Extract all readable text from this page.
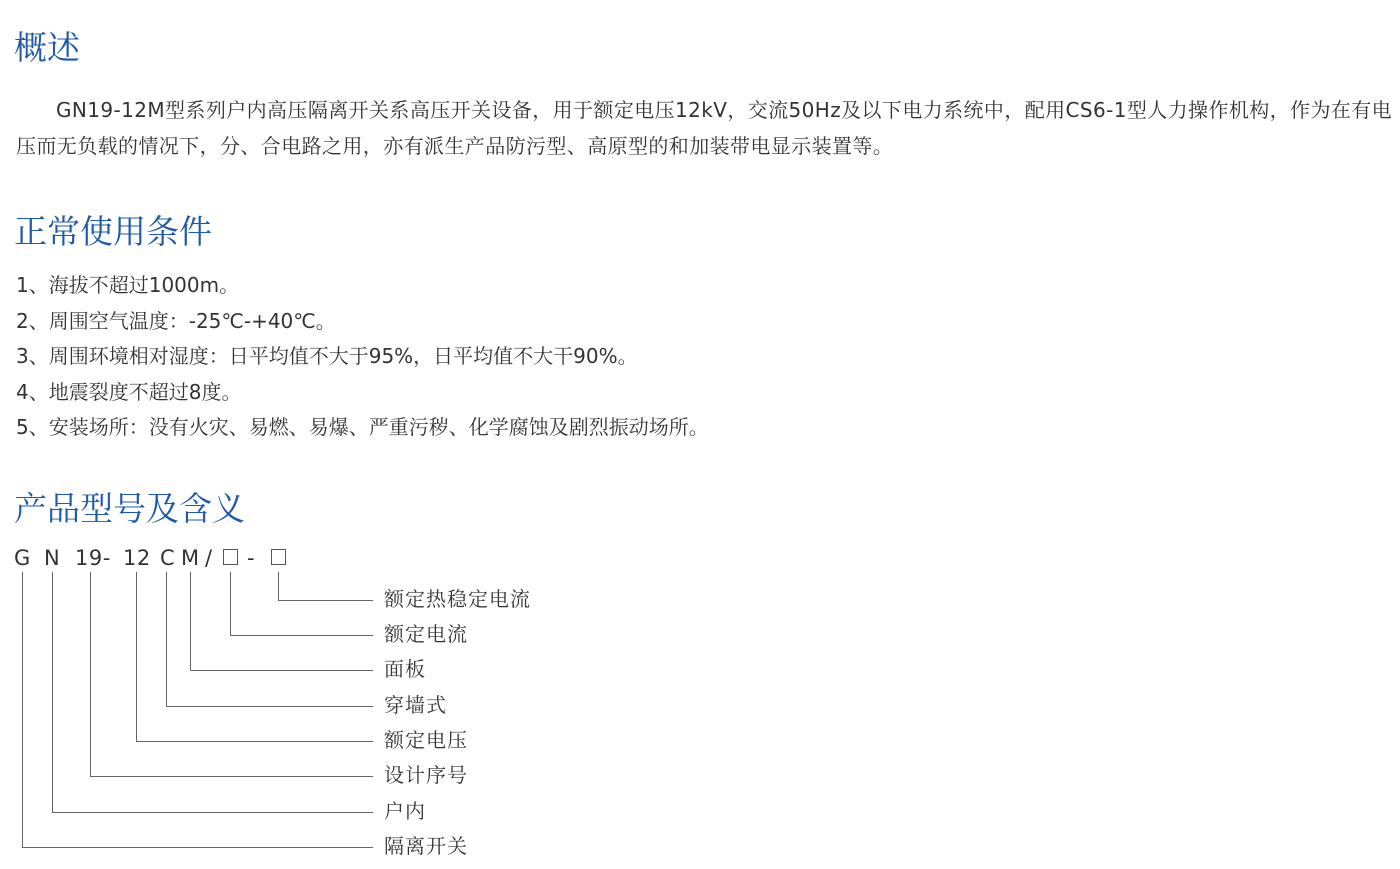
概述

GN19-12M型系列户内高压隔离开关系高压开关设备，用于额定电压12kV，交流50Hz及以下电力系统中，配用CS6-1型人力操作机构，作为在有电压而无负载的情况下，分、合电路之用，亦有派生产品防污型、高原型的和加装带电显示装置等。

正常使用条件
1、海拔不超过1000m。
2、周围空气温度：-25℃-+40℃。
3、周围环境相对湿度：日平均值不大于95%，日平均值不大干90%。
4、地震裂度不超过8度。
5、安装场所：没有火灾、易燃、易爆、严重污秽、化学腐蚀及剧烈振动场所。
产品型号及含义
G N 19- 12 C M / -
额定热稳定电流
额定电流
面板
穿墙式
额定电压
设计序号
户内
隔离开关
